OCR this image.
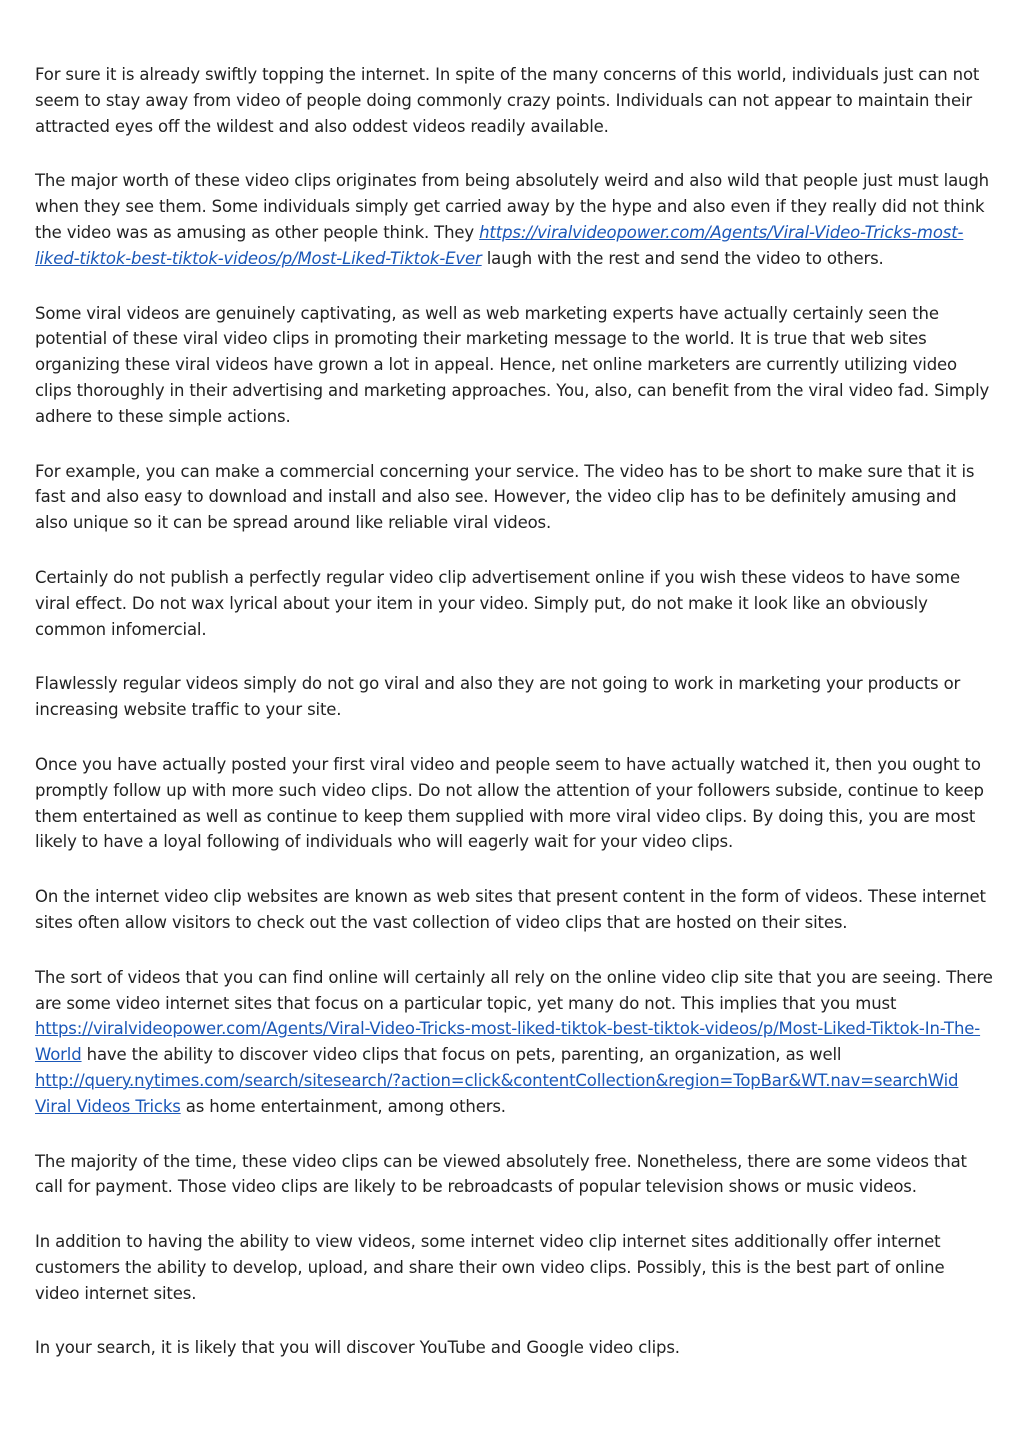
For sure it is already swiftly topping the internet. In spite of the many concerns of this world, individuals just can not seem to stay away from video of people doing commonly crazy points. Individuals can not appear to maintain their attracted eyes off the wildest and also oddest videos readily available.

The major worth of these video clips originates from being absolutely weird and also wild that people just must laugh when they see them. Some individuals simply get carried away by the hype and also even if they really did not think the video was as amusing as other people think. They https://viralvideopower.com/Agents/Viral-Video-Tricks-most-liked-tiktok-best-tiktok-videos/p/Most-Liked-Tiktok-Ever laugh with the rest and send the video to others.

Some viral videos are genuinely captivating, as well as web marketing experts have actually certainly seen the potential of these viral video clips in promoting their marketing message to the world. It is true that web sites organizing these viral videos have grown a lot in appeal. Hence, net online marketers are currently utilizing video clips thoroughly in their advertising and marketing approaches. You, also, can benefit from the viral video fad. Simply adhere to these simple actions.

For example, you can make a commercial concerning your service. The video has to be short to make sure that it is fast and also easy to download and install and also see. However, the video clip has to be definitely amusing and also unique so it can be spread around like reliable viral videos.

Certainly do not publish a perfectly regular video clip advertisement online if you wish these videos to have some viral effect. Do not wax lyrical about your item in your video. Simply put, do not make it look like an obviously common infomercial.

Flawlessly regular videos simply do not go viral and also they are not going to work in marketing your products or increasing website traffic to your site.

Once you have actually posted your first viral video and people seem to have actually watched it, then you ought to promptly follow up with more such video clips. Do not allow the attention of your followers subside, continue to keep them entertained as well as continue to keep them supplied with more viral video clips. By doing this, you are most likely to have a loyal following of individuals who will eagerly wait for your video clips.

On the internet video clip websites are known as web sites that present content in the form of videos. These internet sites often allow visitors to check out the vast collection of video clips that are hosted on their sites.

The sort of videos that you can find online will certainly all rely on the online video clip site that you are seeing. There are some video internet sites that focus on a particular topic, yet many do not. This implies that you must https://viralvideopower.com/Agents/Viral-Video-Tricks-most-liked-tiktok-best-tiktok-videos/p/Most-Liked-Tiktok-In-The-World have the ability to discover video clips that focus on pets, parenting, an organization, as well http://query.nytimes.com/search/sitesearch/?action=click&contentCollection&region=TopBar&WT.nav=searchWid Viral Videos Tricks as home entertainment, among others.

The majority of the time, these video clips can be viewed absolutely free. Nonetheless, there are some videos that call for payment. Those video clips are likely to be rebroadcasts of popular television shows or music videos.

In addition to having the ability to view videos, some internet video clip internet sites additionally offer internet customers the ability to develop, upload, and share their own video clips. Possibly, this is the best part of online video internet sites.

In your search, it is likely that you will discover YouTube and Google video clips.
